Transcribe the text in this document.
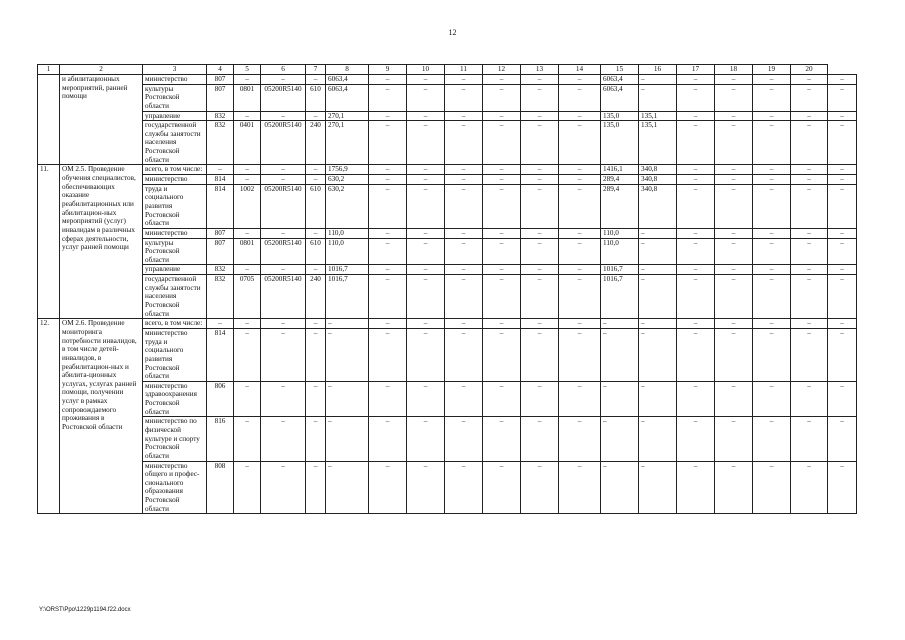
12
1	2	3	4	5	6	7	8	9	10	11	12	13	14	15	16	17	18	19	20	
	и абилитационных мероприятий, ранней помощи	министерство	807	–	–	–	6063,4	–	–	–	–	–	–	6063,4	–	–	–	–	–	–
		культуры Ростовской области	807	0801	05200R5140	610	6063,4	–	–	–	–	–	–	6063,4	–	–	–	–	–	–
		управление	832	–	–	–	270,1	–	–	–	–	–	–	135,0	135,1	–	–	–	–	–
		государственной службы занятости населения Ростовской области	832	0401	05200R5140	240	270,1	–	–	–	–	–	–	135,0	135,1	–	–	–	–	–
11.	ОМ 2.5. Проведение обучения специалистов, обеспечивающих оказание реабилитационных или абилитацион-ных мероприятий (услуг) инвалидам в различных сферах деятельности, услуг ранней помощи	всего, в том числе:	–	–	–	–	1756,9	–	–	–	–	–	–	1416,1	340,8	–	–	–	–	–
		министерство	814	–	–	–	630,2	–	–	–	–	–	–	289,4	340,8	–	–	–	–	–
		труда и социального развития Ростовской области	814	1002	05200R5140	610	630,2	–	–	–	–	–	–	289,4	340,8	–	–	–	–	–
		министерство	807	–	–	–	110,0	–	–	–	–	–	–	110,0	–	–	–	–	–	–
		культуры Ростовской области	807	0801	05200R5140	610	110,0	–	–	–	–	–	–	110,0	–	–	–	–	–	–
		управление	832	–	–	–	1016,7	–	–	–	–	–	–	1016,7	–	–	–	–	–	–
		государственной службы занятости населения Ростовской области	832	0705	05200R5140	240	1016,7	–	–	–	–	–	–	1016,7	–	–	–	–	–	–
12.	ОМ 2.6. Проведение мониторинга потребности инвалидов, в том числе детей-инвалидов, в реабилитацион-ных и абилита-ционных услугах, услугах ранней помощи, получении услуг в рамках сопровождаемого проживания в Ростовской области	всего, в том числе:	–	–	–	–	–	–	–	–	–	–	–	–	–	–	–	–	–	–
		министерство труда и социального развития Ростовской области	814	–	–	–	–	–	–	–	–	–	–	–	–	–	–	–	–	–
		министерство здравоохранения Ростовской области	806	–	–	–	–	–	–	–	–	–	–	–	–	–	–	–	–	–
		министерство по физической культуре и спорту Ростовской области	816	–	–	–	–	–	–	–	–	–	–	–	–	–	–	–	–	–
		министерство общего и профес-сионального образования Ростовской области	808	–	–	–	–	–	–	–	–	–	–	–	–	–	–	–	–	–
Y:\ORST\Ppo\1229p1194.f22.docx
